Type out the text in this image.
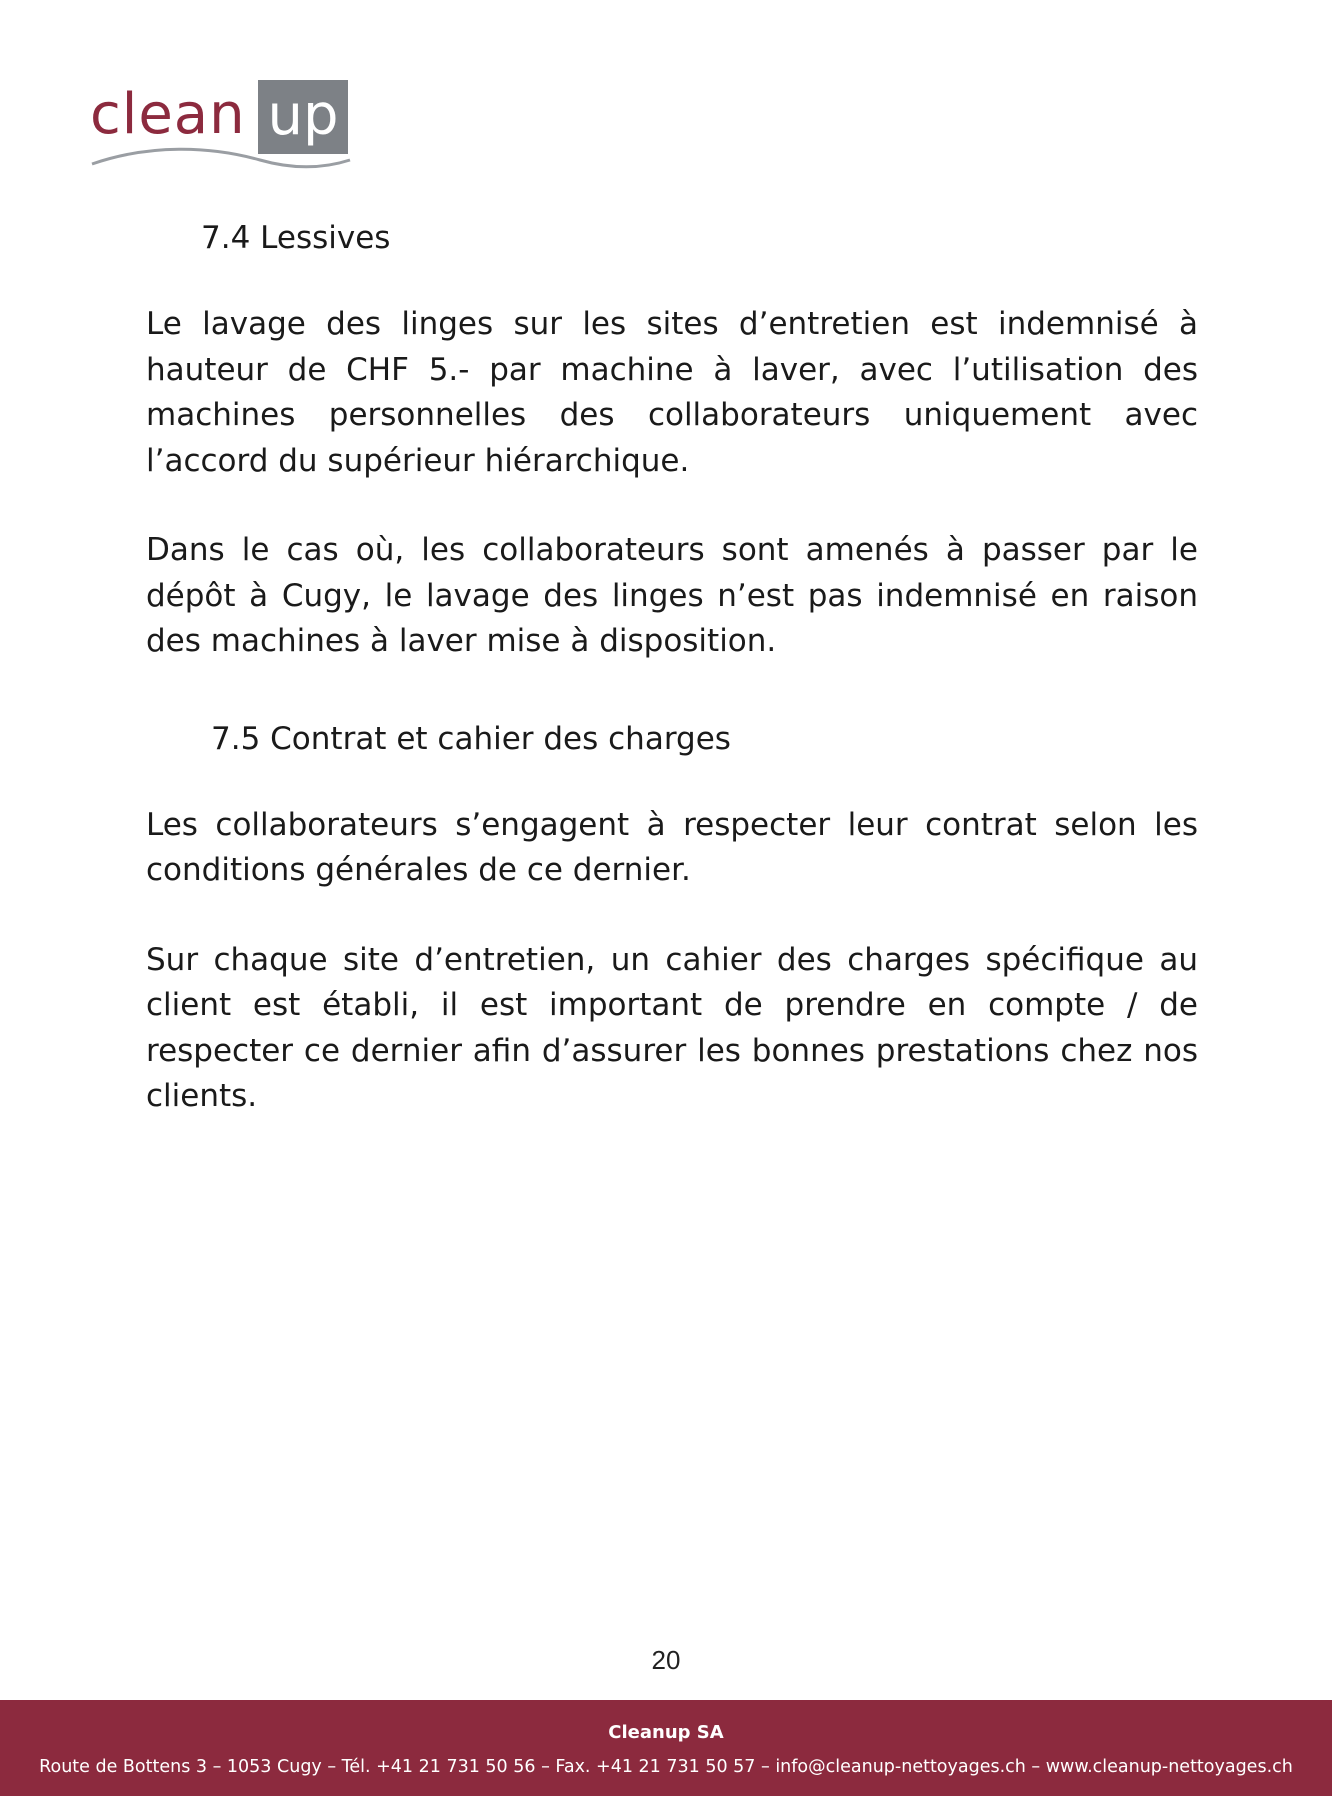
clean up
7.4 Lessives

Le lavage des linges sur les sites d’entretien est indemnisé à hauteur de CHF 5.- par machine à laver, avec l’utilisation des machines personnelles des collaborateurs uniquement avec l’accord du supérieur hiérarchique.

Dans le cas où, les collaborateurs sont amenés à passer par le dépôt à Cugy, le lavage des linges n’est pas indemnisé en raison des machines à laver mise à disposition.

7.5 Contrat et cahier des charges

Les collaborateurs s’engagent à respecter leur contrat selon les conditions générales de ce dernier.

Sur chaque site d’entretien, un cahier des charges spécifique au client est établi, il est important de prendre en compte / de respecter ce dernier afin d’assurer les bonnes prestations chez nos clients.

20
Cleanup SA
Route de Bottens 3 – 1053 Cugy – Tél. +41 21 731 50 56 – Fax. +41 21 731 50 57 – info@cleanup-nettoyages.ch – www.cleanup-nettoyages.ch
